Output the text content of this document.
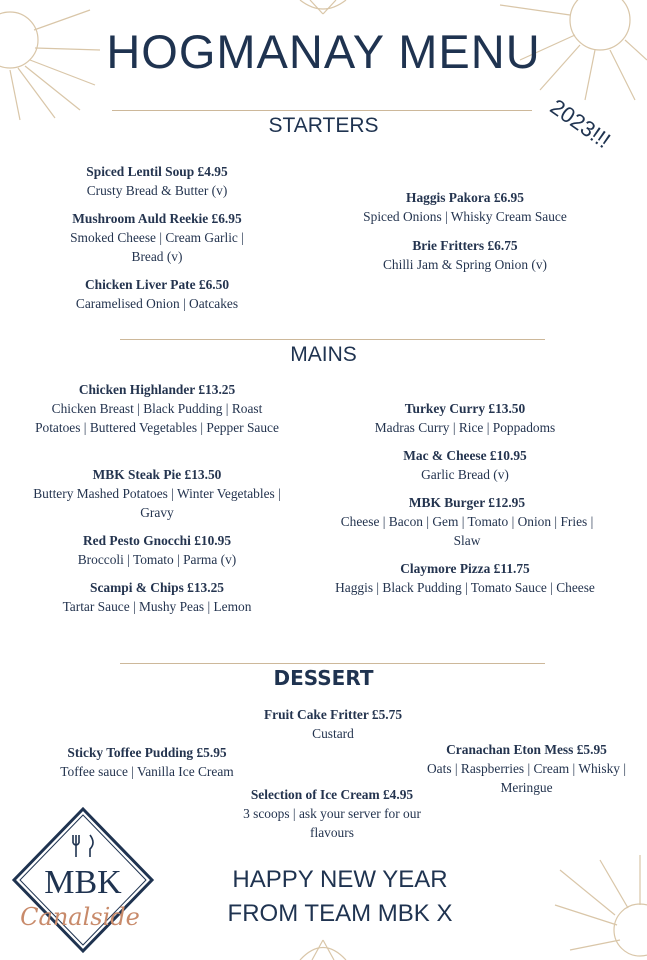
HOGMANAY MENU
2023!!!
STARTERS
Spiced Lentil Soup £4.95
Crusty Bread & Butter (v)
Mushroom Auld Reekie £6.95
Smoked Cheese | Cream Garlic | Bread (v)
Chicken Liver Pate £6.50
Caramelised Onion | Oatcakes
Haggis Pakora £6.95
Spiced Onions | Whisky Cream Sauce
Brie Fritters £6.75
Chilli Jam & Spring Onion (v)
MAINS
Chicken Highlander £13.25
Chicken Breast | Black Pudding | Roast Potatoes | Buttered Vegetables | Pepper Sauce
MBK Steak Pie £13.50
Buttery Mashed Potatoes | Winter Vegetables | Gravy
Red Pesto Gnocchi £10.95
Broccoli | Tomato | Parma (v)
Scampi & Chips £13.25
Tartar Sauce | Mushy Peas | Lemon
Turkey Curry £13.50
Madras Curry | Rice | Poppadoms
Mac & Cheese £10.95
Garlic Bread (v)
MBK Burger £12.95
Cheese | Bacon | Gem | Tomato | Onion | Fries | Slaw
Claymore Pizza £11.75
Haggis | Black Pudding | Tomato Sauce | Cheese
DESSERT
Fruit Cake Fritter £5.75
Custard
Sticky Toffee Pudding £5.95
Toffee sauce | Vanilla Ice Cream
Cranachan Eton Mess £5.95
Oats | Raspberries | Cream | Whisky | Meringue
Selection of Ice Cream £4.95
3 scoops | ask your server for our flavours
HAPPY NEW YEAR
FROM TEAM MBK X
MBK
Canalside
